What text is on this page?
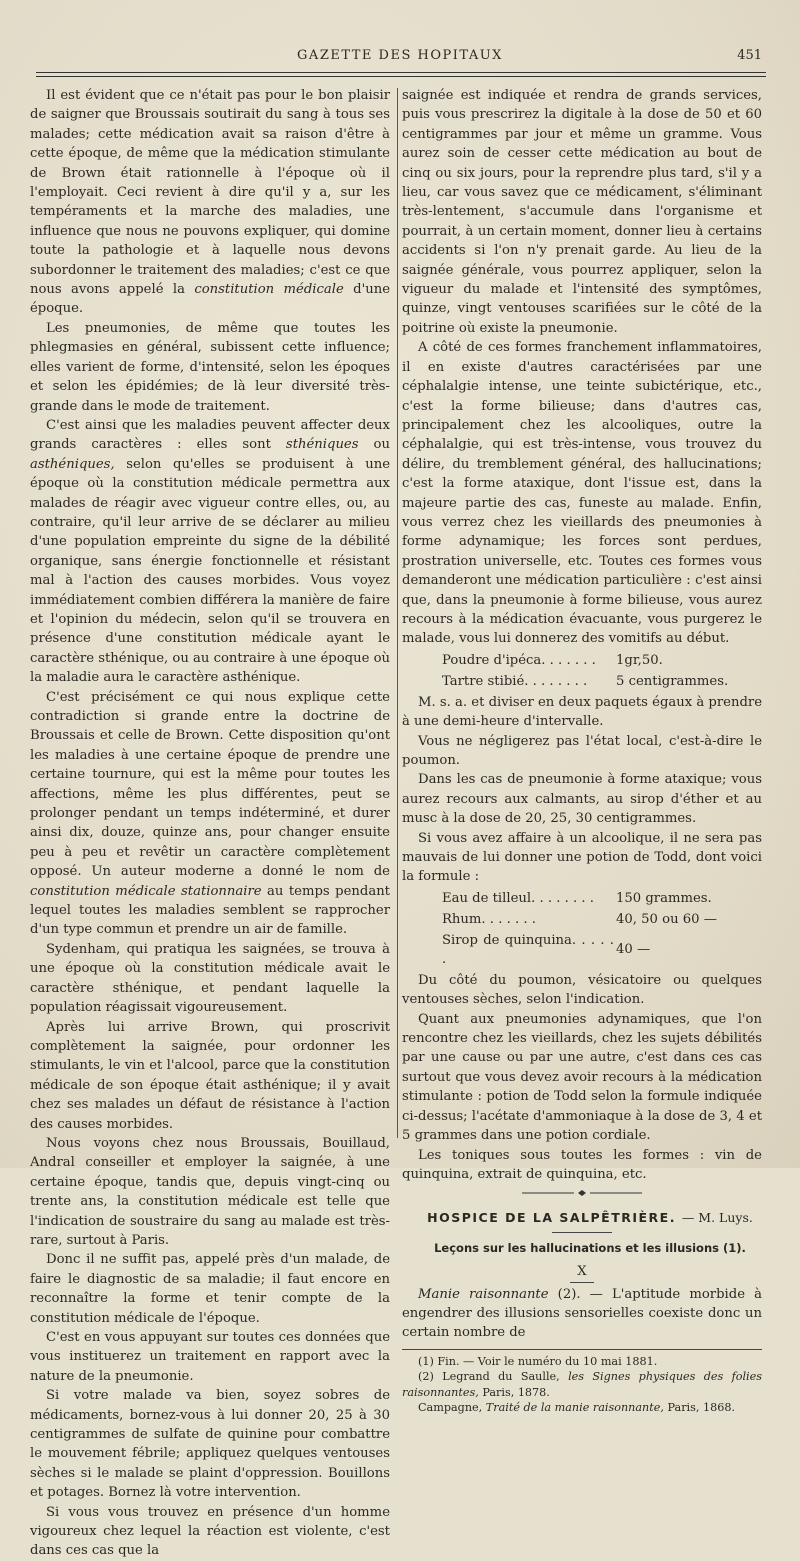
GAZETTE DES HOPITAUX	451

Il est évident que ce n'était pas pour le bon plaisir de saigner que Broussais soutirait du sang à tous ses malades; cette médication avait sa raison d'être à cette époque, de même que la médication stimulante de Brown était rationnelle à l'époque où il l'employait. Ceci revient à dire qu'il y a, sur les tempéraments et la marche des maladies, une influence que nous ne pouvons expliquer, qui domine toute la pathologie et à laquelle nous devons subordonner le traitement des maladies; c'est ce que nous avons appelé la constitution médicale d'une époque.

Les pneumonies, de même que toutes les phlegmasies en général, subissent cette influence; elles varient de forme, d'intensité, selon les époques et selon les épidémies; de là leur diversité très-grande dans le mode de traitement.

C'est ainsi que les maladies peuvent affecter deux grands caractères : elles sont sthéniques ou asthéniques, selon qu'elles se produisent à une époque où la constitution médicale permettra aux malades de réagir avec vigueur contre elles, ou, au contraire, qu'il leur arrive de se déclarer au milieu d'une population empreinte du signe de la débilité organique, sans énergie fonctionnelle et résistant mal à l'action des causes morbides. Vous voyez immédiatement combien différera la manière de faire et l'opinion du médecin, selon qu'il se trouvera en présence d'une constitution médicale ayant le caractère sthénique, ou au contraire à une époque où la maladie aura le caractère asthénique.

C'est précisément ce qui nous explique cette contradiction si grande entre la doctrine de Broussais et celle de Brown. Cette disposition qu'ont les maladies à une certaine époque de prendre une certaine tournure, qui est la même pour toutes les affections, même les plus différentes, peut se prolonger pendant un temps indéterminé, et durer ainsi dix, douze, quinze ans, pour changer ensuite peu à peu et revêtir un caractère complètement opposé. Un auteur moderne a donné le nom de constitution médicale stationnaire au temps pendant lequel toutes les maladies semblent se rapprocher d'un type commun et prendre un air de famille.

Sydenham, qui pratiqua les saignées, se trouva à une époque où la constitution médicale avait le caractère sthénique, et pendant laquelle la population réagissait vigoureusement.

Après lui arrive Brown, qui proscrivit complètement la saignée, pour ordonner les stimulants, le vin et l'alcool, parce que la constitution médicale de son époque était asthénique; il y avait chez ses malades un défaut de résistance à l'action des causes morbides.

Nous voyons chez nous Broussais, Bouillaud, Andral conseiller et employer la saignée, à une certaine époque, tandis que, depuis vingt-cinq ou trente ans, la constitution médicale est telle que l'indication de soustraire du sang au malade est très-rare, surtout à Paris.

Donc il ne suffit pas, appelé près d'un malade, de faire le diagnostic de sa maladie; il faut encore en reconnaître la forme et tenir compte de la constitution médicale de l'époque.

C'est en vous appuyant sur toutes ces données que vous instituerez un traitement en rapport avec la nature de la pneumonie.

Si votre malade va bien, soyez sobres de médicaments, bornez-vous à lui donner 20, 25 à 30 centigrammes de sulfate de quinine pour combattre le mouvement fébrile; appliquez quelques ventouses sèches si le malade se plaint d'oppression. Bouillons et potages. Bornez là votre intervention.

Si vous vous trouvez en présence d'un homme vigoureux chez lequel la réaction est violente, c'est dans ces cas que la

saignée est indiquée et rendra de grands services, puis vous prescrirez la digitale à la dose de 50 et 60 centigrammes par jour et même un gramme. Vous aurez soin de cesser cette médication au bout de cinq ou six jours, pour la reprendre plus tard, s'il y a lieu, car vous savez que ce médicament, s'éliminant très-lentement, s'accumule dans l'organisme et pourrait, à un certain moment, donner lieu à certains accidents si l'on n'y prenait garde. Au lieu de la saignée générale, vous pourrez appliquer, selon la vigueur du malade et l'intensité des symptômes, quinze, vingt ventouses scarifiées sur le côté de la poitrine où existe la pneumonie.

A côté de ces formes franchement inflammatoires, il en existe d'autres caractérisées par une céphalalgie intense, une teinte subictérique, etc., c'est la forme bilieuse; dans d'autres cas, principalement chez les alcooliques, outre la céphalalgie, qui est très-intense, vous trouvez du délire, du tremblement général, des hallucinations; c'est la forme ataxique, dont l'issue est, dans la majeure partie des cas, funeste au malade. Enfin, vous verrez chez les vieillards des pneumonies à forme adynamique; les forces sont perdues, prostration universelle, etc. Toutes ces formes vous demanderont une médication particulière : c'est ainsi que, dans la pneumonie à forme bilieuse, vous aurez recours à la médication évacuante, vous purgerez le malade, vous lui donnerez des vomitifs au début.

Poudre d'ipéca. . . . . . .	1gr,50.
Tartre stibié. . . . . . . .	5 centigrammes.

M. s. a. et diviser en deux paquets égaux à prendre à une demi-heure d'intervalle.

Vous ne négligerez pas l'état local, c'est-à-dire le poumon.

Dans les cas de pneumonie à forme ataxique; vous aurez recours aux calmants, au sirop d'éther et au musc à la dose de 20, 25, 30 centigrammes.

Si vous avez affaire à un alcoolique, il ne sera pas mauvais de lui donner une potion de Todd, dont voici la formule :

Eau de tilleul. . . . . . . .	150 grammes.
Rhum. . . . . . .	40, 50 ou 60 —
Sirop de quinquina. . . . . .	40 —

Du côté du poumon, vésicatoire ou quelques ventouses sèches, selon l'indication.

Quant aux pneumonies adynamiques, que l'on rencontre chez les vieillards, chez les sujets débilités par une cause ou par une autre, c'est dans ces cas surtout que vous devez avoir recours à la médication stimulante : potion de Todd selon la formule indiquée ci-dessus; l'acétate d'ammoniaque à la dose de 3, 4 et 5 grammes dans une potion cordiale.

Les toniques sous toutes les formes : vin de quinquina, extrait de quinquina, etc.

HOSPICE DE LA SALPÊTRIÈRE. — M. Luys.

Leçons sur les hallucinations et les illusions (1).

X

Manie raisonnante (2). — L'aptitude morbide à engendrer des illusions sensorielles coexiste donc un certain nombre de

(1) Fin. — Voir le numéro du 10 mai 1881.

(2) Legrand du Saulle, les Signes physiques des folies raisonnantes, Paris, 1878.

Campagne, Traité de la manie raisonnante, Paris, 1868.
